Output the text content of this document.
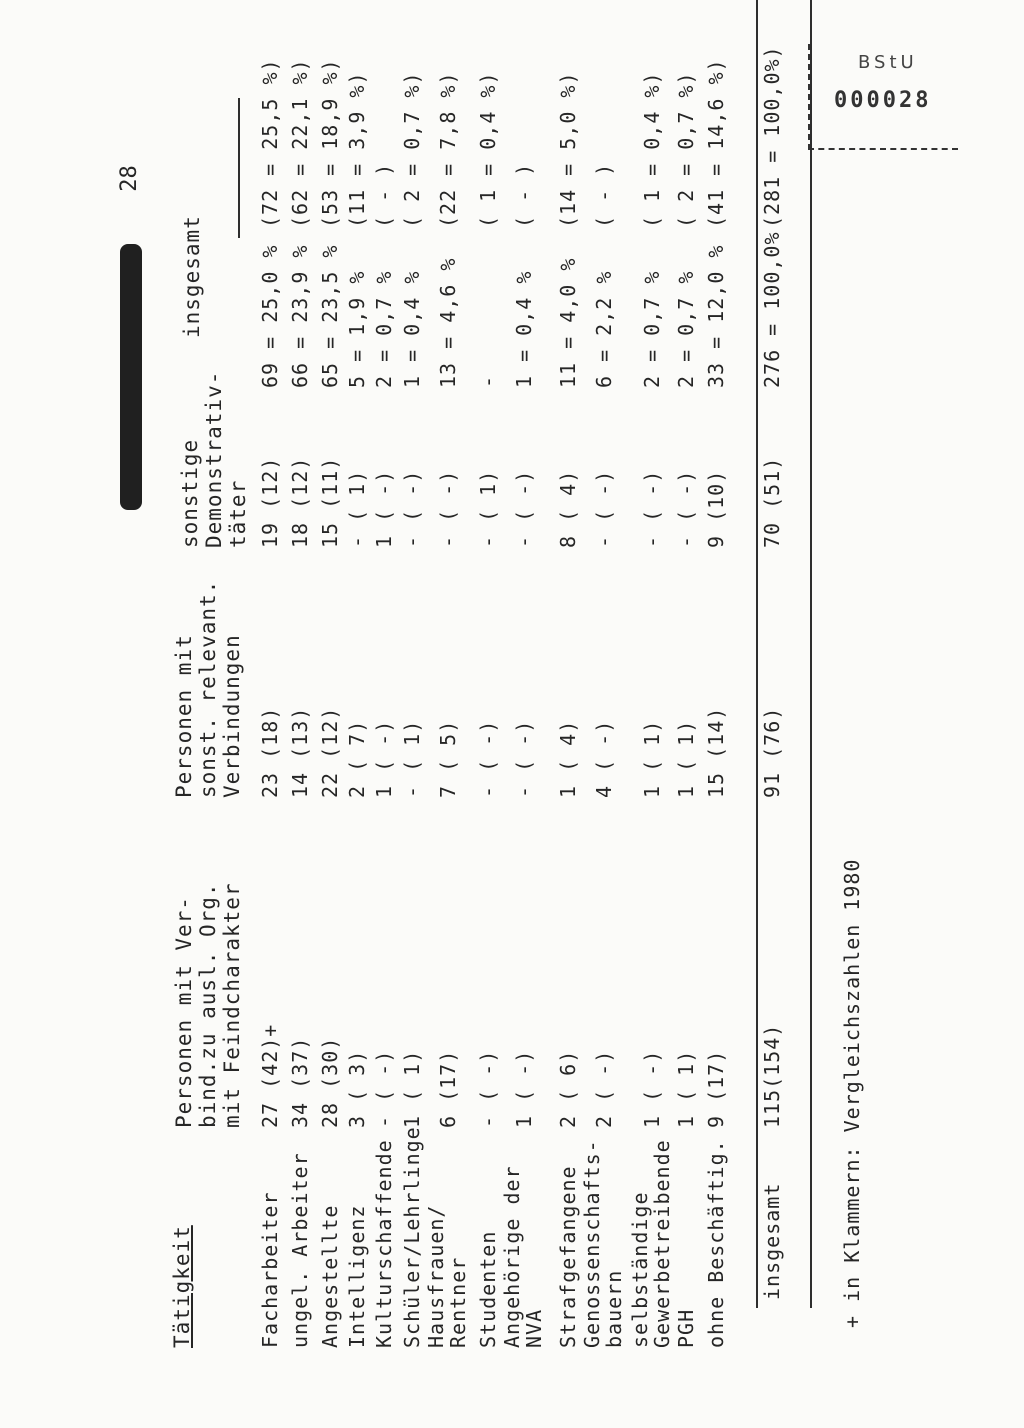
BStU
000028
28
Tätigkeit
Personen mit Ver- bind.zu ausl. Org. mit Feindcharakter
Personen mit sonst. relevant. Verbindungen
sonstige Demonstrativ- täter
insgesamt
Facharbeiter
27 (42)+
23 (18)
19 (12)
69 = 25,0 %
(72 = 25,5 %)
ungel. Arbeiter
34 (37)
14 (13)
18 (12)
66 = 23,9 %
(62 = 22,1 %)
Angestellte
28 (30)
22 (12)
15 (11)
65 = 23,5 %
(53 = 18,9 %)
Intelligenz
3 ( 3)
2 ( 7)
- ( 1)
5 = 1,9 %
(11 = 3,9 %)
Kulturschaffende
- ( -)
1 ( -)
1 ( -)
2 = 0,7 %
( - )
Schüler/Lehrlinge
1 ( 1)
- ( 1)
- ( -)
1 = 0,4 %
( 2 = 0,7 %)
Hausfrauen/
Rentner
6 (17)
7 ( 5)
- ( -)
13 = 4,6 %
(22 = 7,8 %)
Studenten
- ( -)
- ( -)
- ( 1)
-
( 1 = 0,4 %)
Angehörige der
NVA
1 ( -)
- ( -)
- ( -)
1 = 0,4 %
( - )
Strafgefangene
2 ( 6)
1 ( 4)
8 ( 4)
11 = 4,0 %
(14 = 5,0 %)
Genossenschafts-
bauern
2 ( -)
4 ( -)
- ( -)
6 = 2,2 %
( - )
selbständige
Gewerbetreibende
1 ( -)
1 ( 1)
- ( -)
2 = 0,7 %
( 1 = 0,4 %)
PGH
1 ( 1)
1 ( 1)
- ( -)
2 = 0,7 %
( 2 = 0,7 %)
ohne Beschäftig.
9 (17)
15 (14)
9 (10)
33 = 12,0 %
(41 = 14,6 %)
insgesamt
115(154)
91 (76)
70 (51)
276 = 100,0%
(281 = 100,0%)
+ in Klammern: Vergleichszahlen 1980
